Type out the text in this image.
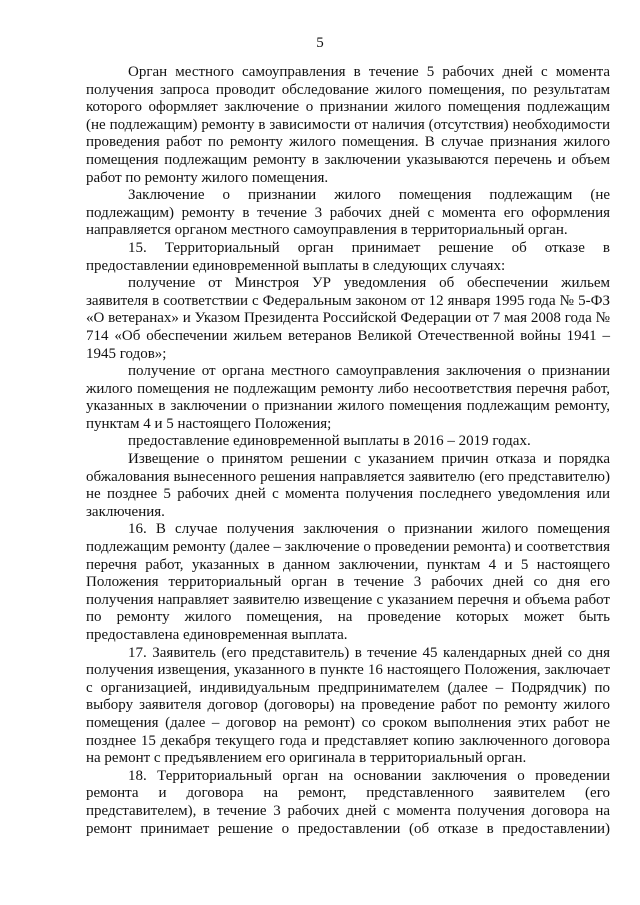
5

Орган местного самоуправления в течение 5 рабочих дней с момента получения запроса проводит обследование жилого помещения, по результатам которого оформляет заключение о признании жилого помещения подлежащим (не подлежащим) ремонту в зависимости от наличия (отсутствия) необходимости проведения работ по ремонту жилого помещения. В случае признания жилого помещения подлежащим ремонту в заключении указываются перечень и объем работ по ремонту жилого помещения.

Заключение о признании жилого помещения подлежащим (не подлежащим) ремонту в течение 3 рабочих дней с момента его оформления направляется органом местного самоуправления в территориальный орган.

15. Территориальный орган принимает решение об отказе в предоставлении единовременной выплаты в следующих случаях:

получение от Минстроя УР уведомления об обеспечении жильем заявителя в соответствии с Федеральным законом от 12 января 1995 года № 5-ФЗ «О ветеранах» и Указом Президента Российской Федерации от 7 мая 2008 года № 714 «Об обеспечении жильем ветеранов Великой Отечественной войны 1941 – 1945 годов»;

получение от органа местного самоуправления заключения о признании жилого помещения не подлежащим ремонту либо несоответствия перечня работ, указанных в заключении о признании жилого помещения подлежащим ремонту, пунктам 4 и 5 настоящего Положения;

предоставление единовременной выплаты в 2016 – 2019 годах.

Извещение о принятом решении с указанием причин отказа и порядка обжалования вынесенного решения направляется заявителю (его представителю) не позднее 5 рабочих дней с момента получения последнего уведомления или заключения.

16. В случае получения заключения о признании жилого помещения подлежащим ремонту (далее – заключение о проведении ремонта) и соответствия перечня работ, указанных в данном заключении, пунктам 4 и 5 настоящего Положения территориальный орган в течение 3 рабочих дней со дня его получения направляет заявителю извещение с указанием перечня и объема работ по ремонту жилого помещения, на проведение которых может быть предоставлена единовременная выплата.

17. Заявитель (его представитель) в течение 45 календарных дней со дня получения извещения, указанного в пункте 16 настоящего Положения, заключает с организацией, индивидуальным предпринимателем (далее – Подрядчик) по выбору заявителя договор (договоры) на проведение работ по ремонту жилого помещения (далее – договор на ремонт) со сроком выполнения этих работ не позднее 15 декабря текущего года и представляет копию заключенного договора на ремонт с предъявлением его оригинала в территориальный орган.

18. Территориальный орган на основании заключения о проведении ремонта и договора на ремонт, представленного заявителем (его представителем), в течение 3 рабочих дней с момента получения договора на ремонт принимает решение о предоставлении (об отказе в предоставлении)
